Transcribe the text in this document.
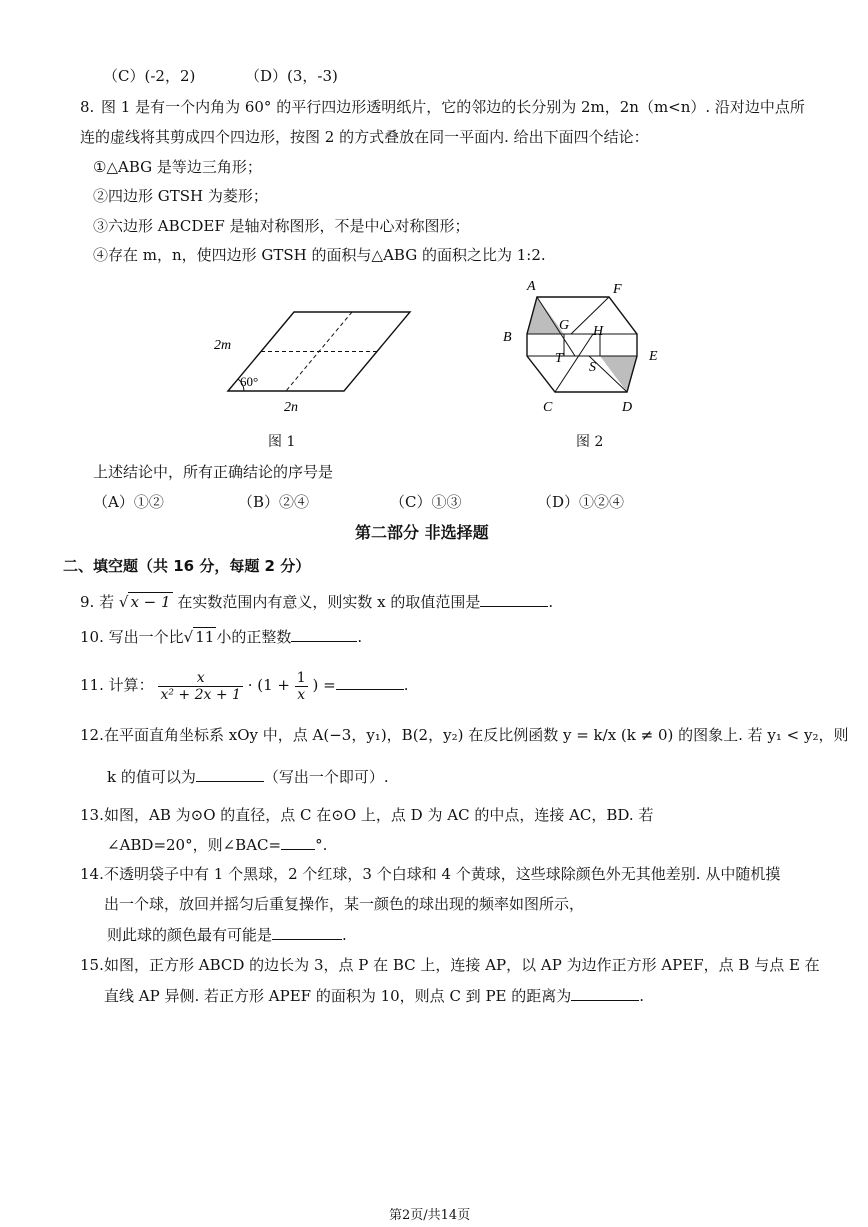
（C）(-2，2)	（D）(3，-3)
8. 图 1 是有一个内角为 60° 的平行四边形透明纸片，它的邻边的长分别为 2m，2n（m<n）. 沿对边中点所
连的虚线将其剪成四个四边形，按图 2 的方式叠放在同一平面内. 给出下面四个结论：
①△ABG 是等边三角形；
②四边形 GTSH 为菱形；
③六边形 ABCDEF 是轴对称图形，不是中心对称图形；
④存在 m，n，使四边形 GTSH 的面积与△ABG 的面积之比为 1:2.
60°
2m
2n
图 1
A	F
B
E
C	D
G H
T
S
图 2
上述结论中，所有正确结论的序号是
（A）①②	（B）②④	（C）①③	（D）①②④
第二部分 非选择题
二、填空题（共 16 分，每题 2 分）
9. 若 √ x − 1 在实数范围内有意义，则实数 x 的取值范围是	.
10. 写出一个比√ 11 小的正整数	.
11. 计算： $\frac{x}{\text{x² + 2x + 1}} \cdot (1 + \frac{1}{x}$ ) =	.
12. 在平面直角坐标系 xOy 中，点 A(−3，y₁)，B(2，y₂) 在反比例函数 y = k/x (k ≠ 0) 的图象上. 若 y₁ < y₂，则
k 的值可以为	（写出一个即可）.
13. 如图，AB 为⊙O 的直径，点 C 在⊙O 上，点 D 为 AC 的中点，连接 AC，BD. 若
∠ABD=20°，则∠BAC= °.
14. 不透明袋子中有 1 个黑球，2 个红球，3 个白球和 4 个黄球，这些球除颜色外无其他差别. 从中随机摸
出一个球，放回并摇匀后重复操作，某一颜色的球出现的频率如图所示，
则此球的颜色最有可能是	.
15. 如图，正方形 ABCD 的边长为 3，点 P 在 BC 上，连接 AP，以 AP 为边作正方形 APEF，点 B 与点 E 在
直线 AP 异侧. 若正方形 APEF 的面积为 10，则点 C 到 PE 的距离为	.
第2页/共14页
